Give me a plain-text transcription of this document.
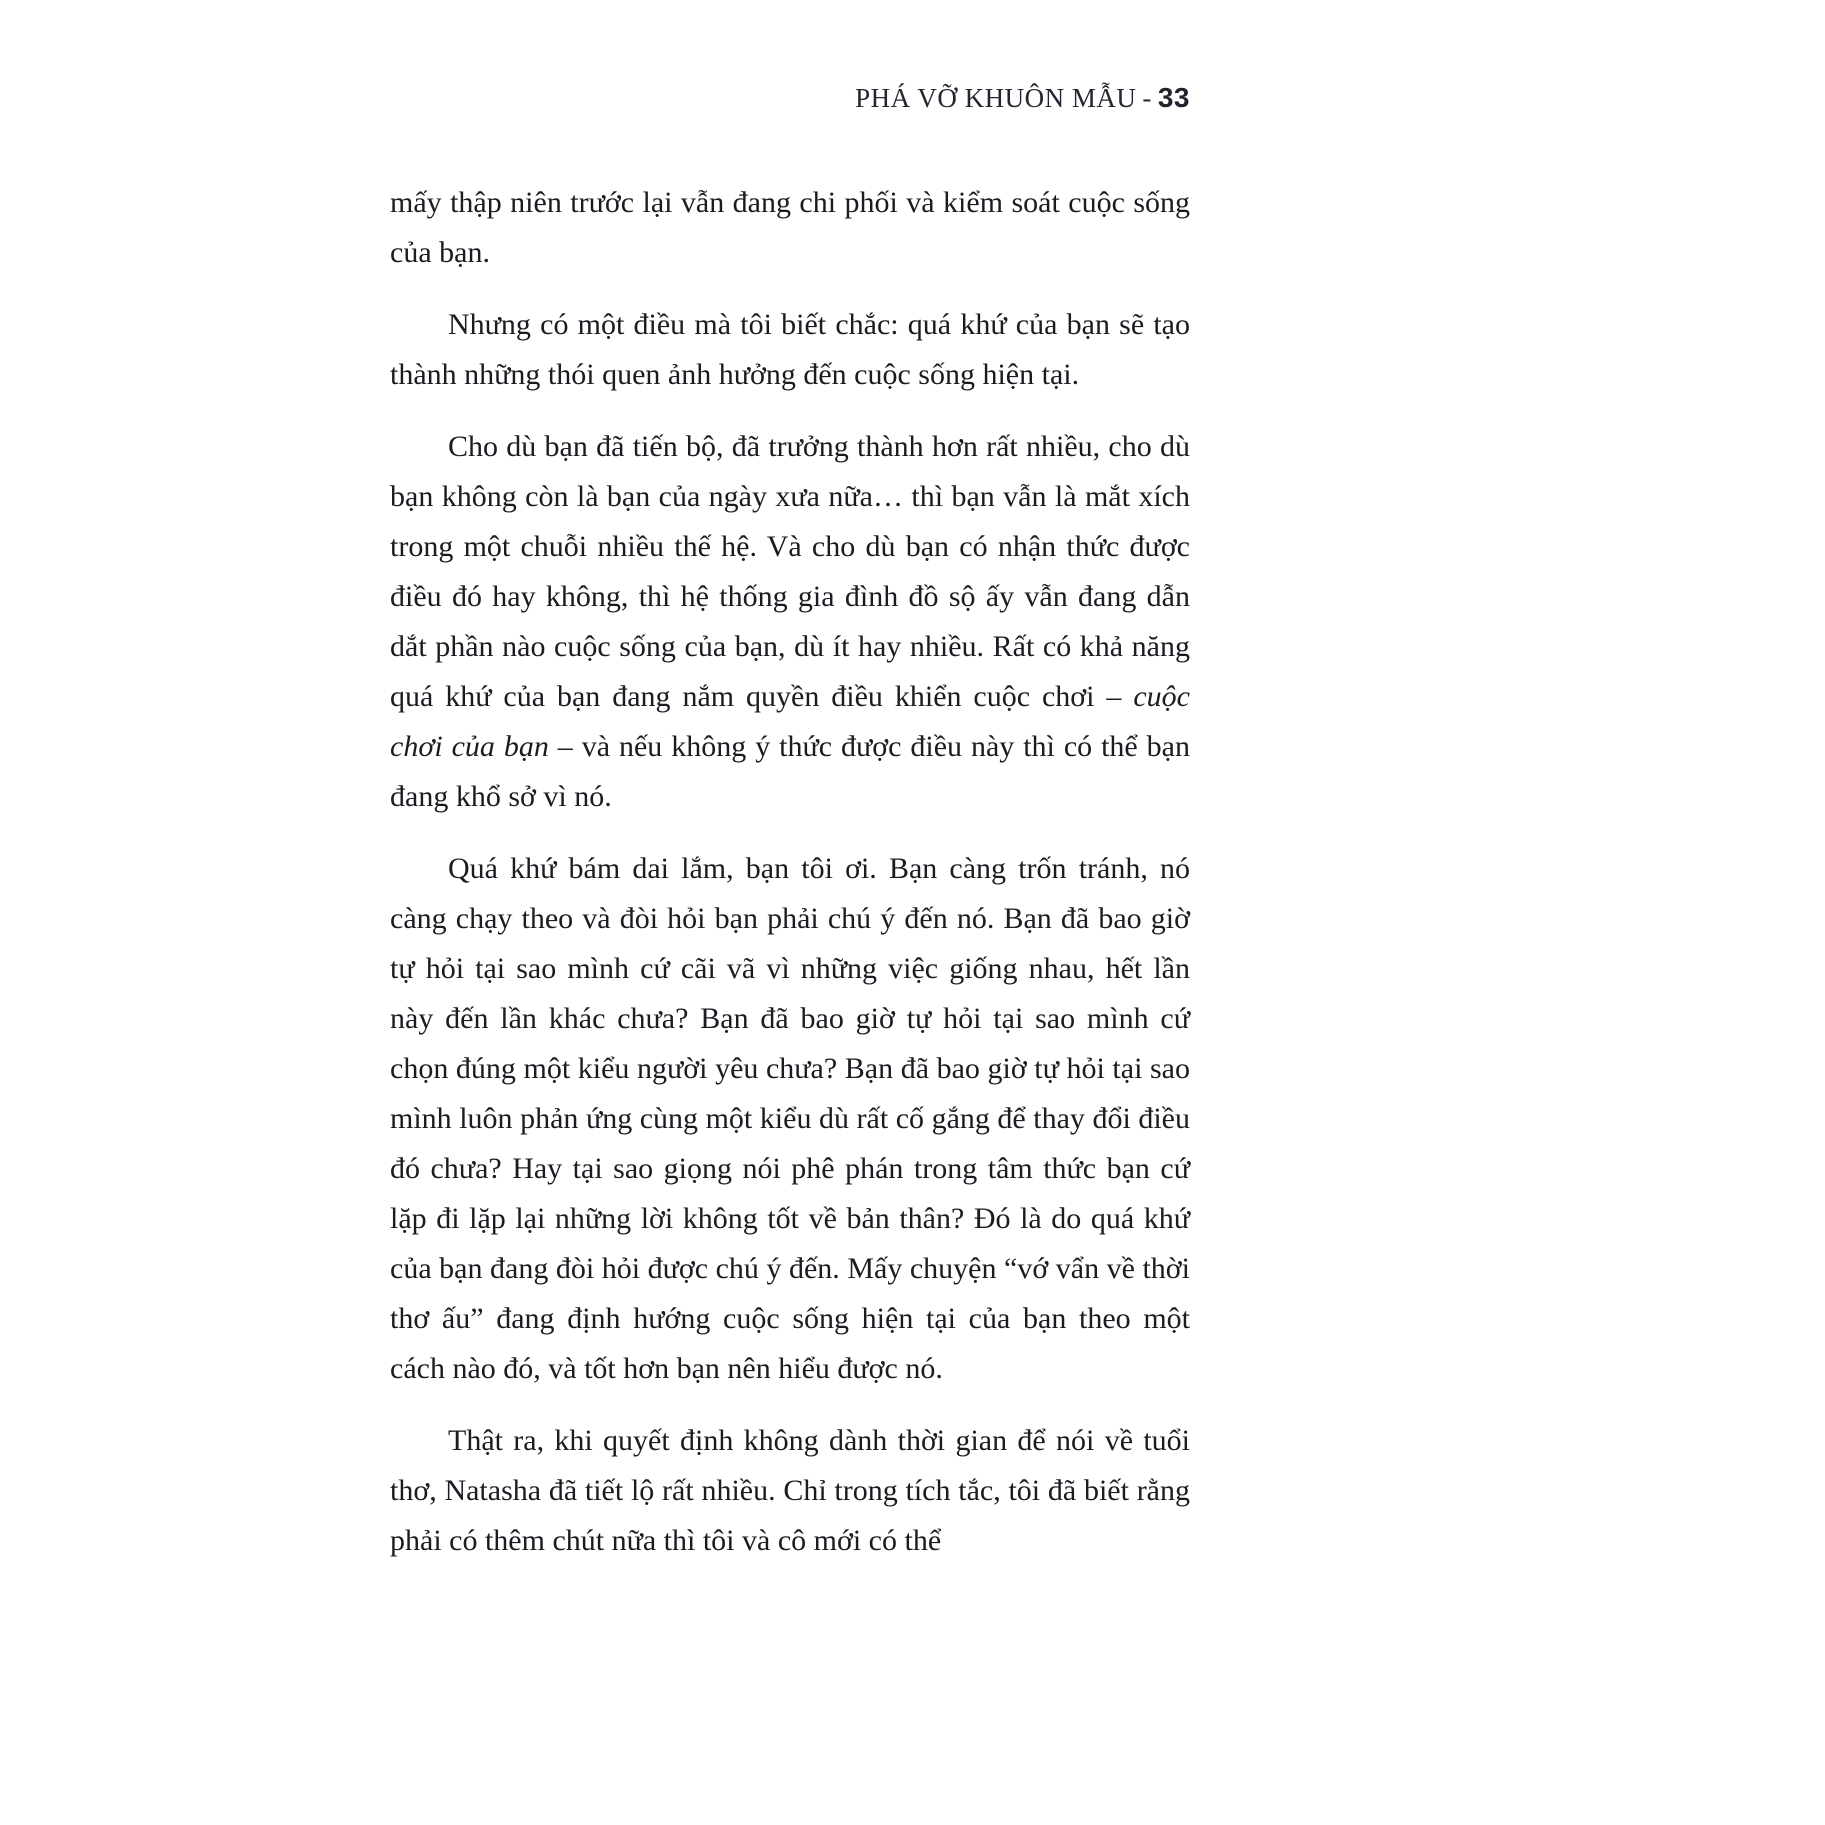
PHÁ VỠ KHUÔN MẪU - 33

mấy thập niên trước lại vẫn đang chi phối và kiểm soát cuộc sống của bạn.

Nhưng có một điều mà tôi biết chắc: quá khứ của bạn sẽ tạo thành những thói quen ảnh hưởng đến cuộc sống hiện tại.

Cho dù bạn đã tiến bộ, đã trưởng thành hơn rất nhiều, cho dù bạn không còn là bạn của ngày xưa nữa… thì bạn vẫn là mắt xích trong một chuỗi nhiều thế hệ. Và cho dù bạn có nhận thức được điều đó hay không, thì hệ thống gia đình đồ sộ ấy vẫn đang dẫn dắt phần nào cuộc sống của bạn, dù ít hay nhiều. Rất có khả năng quá khứ của bạn đang nắm quyền điều khiển cuộc chơi – cuộc chơi của bạn – và nếu không ý thức được điều này thì có thể bạn đang khổ sở vì nó.

Quá khứ bám dai lắm, bạn tôi ơi. Bạn càng trốn tránh, nó càng chạy theo và đòi hỏi bạn phải chú ý đến nó. Bạn đã bao giờ tự hỏi tại sao mình cứ cãi vã vì những việc giống nhau, hết lần này đến lần khác chưa? Bạn đã bao giờ tự hỏi tại sao mình cứ chọn đúng một kiểu người yêu chưa? Bạn đã bao giờ tự hỏi tại sao mình luôn phản ứng cùng một kiểu dù rất cố gắng để thay đổi điều đó chưa? Hay tại sao giọng nói phê phán trong tâm thức bạn cứ lặp đi lặp lại những lời không tốt về bản thân? Đó là do quá khứ của bạn đang đòi hỏi được chú ý đến. Mấy chuyện “vớ vẩn về thời thơ ấu” đang định hướng cuộc sống hiện tại của bạn theo một cách nào đó, và tốt hơn bạn nên hiểu được nó.

Thật ra, khi quyết định không dành thời gian để nói về tuổi thơ, Natasha đã tiết lộ rất nhiều. Chỉ trong tích tắc, tôi đã biết rằng phải có thêm chút nữa thì tôi và cô mới có thể
